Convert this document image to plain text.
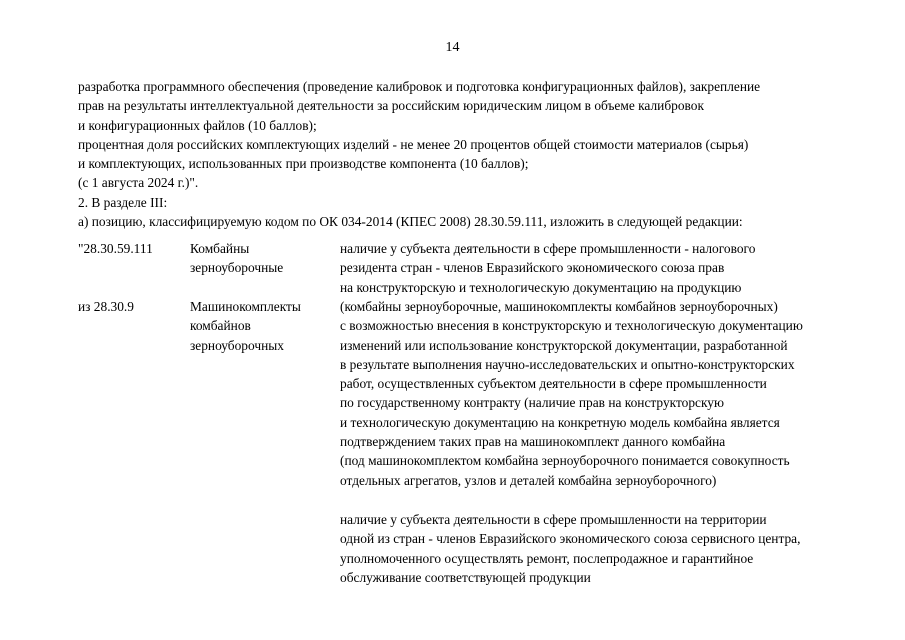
14

разработка программного обеспечения (проведение калибровок и подготовка конфигурационных файлов), закрепление

прав на результаты интеллектуальной деятельности за российским юридическим лицом в объеме калибровок

и конфигурационных файлов (10 баллов);

процентная доля российских комплектующих изделий - не менее 20 процентов общей стоимости материалов (сырья)

и комплектующих, использованных при производстве компонента (10 баллов);

(с 1 августа 2024 г.)".

2. В разделе III:

а) позицию, классифицируемую кодом по ОК 034-2014 (КПЕС 2008) 28.30.59.111, изложить в следующей редакции:

"28.30.59.111	Комбайны
зерноуборочные
наличие у субъекта деятельности в сфере промышленности - налогового
резидента стран - членов Евразийского экономического союза прав
на конструкторскую и технологическую документацию на продукцию
из 28.30.9	Машинокомплекты
комбайнов
зерноуборочных

(комбайны зерноуборочные, машинокомплекты комбайнов зерноуборочных)

с возможностью внесения в конструкторскую и технологическую документацию

изменений или использование конструкторской документации, разработанной

в результате выполнения научно-исследовательских и опытно-конструкторских

работ, осуществленных субъектом деятельности в сфере промышленности

по государственному контракту (наличие прав на конструкторскую

и технологическую документацию на конкретную модель комбайна является

подтверждением таких прав на машинокомплект данного комбайна

(под машинокомплектом комбайна зерноуборочного понимается совокупность

отдельных агрегатов, узлов и деталей комбайна зерноуборочного)

наличие у субъекта деятельности в сфере промышленности на территории
одной из стран - членов Евразийского экономического союза сервисного центра,
уполномоченного осуществлять ремонт, послепродажное и гарантийное
обслуживание соответствующей продукции
